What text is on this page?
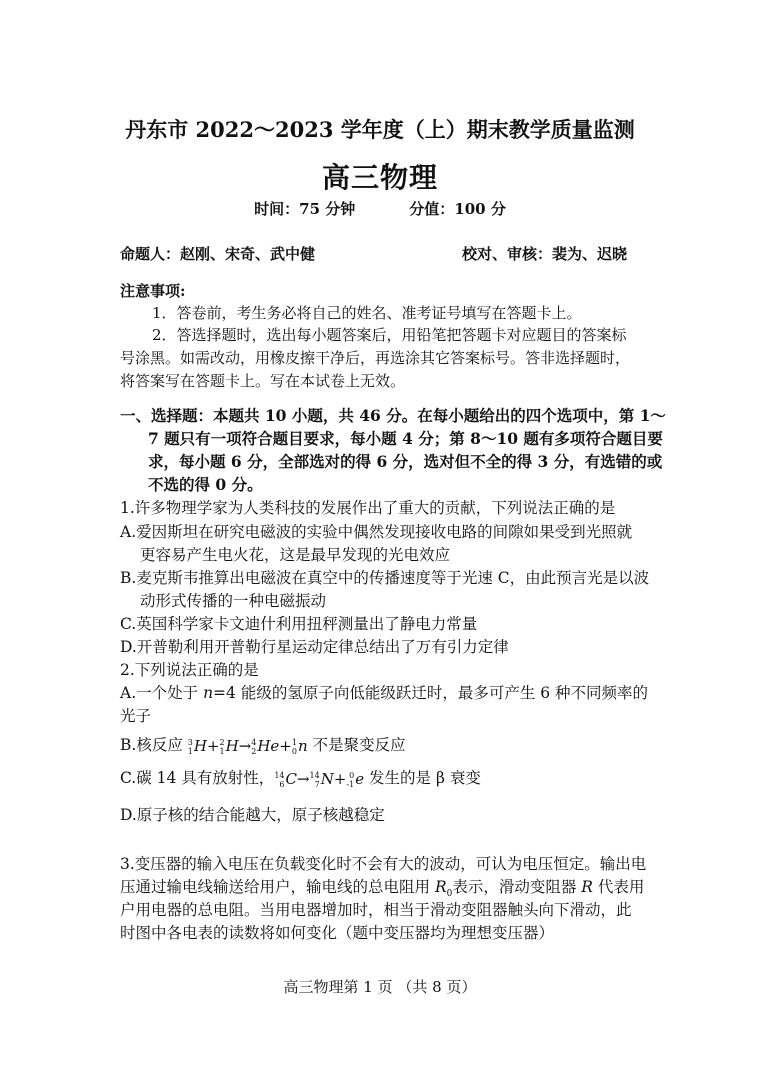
丹东市 2022～2023 学年度（上）期末教学质量监测
高三物理
时间：75 分钟	分值：100 分
命题人：赵刚、宋奇、武中健	校对、审核：裴为、迟晓
注意事项:
1．答卷前，考生务必将自己的姓名、准考证号填写在答题卡上。
2．答选择题时，选出每小题答案后，用铅笔把答题卡对应题目的答案标
号涂黑。如需改动，用橡皮擦干净后，再选涂其它答案标号。答非选择题时，
将答案写在答题卡上。写在本试卷上无效。
一、选择题：本题共 10 小题，共 46 分。在每小题给出的四个选项中，第 1～
7 题只有一项符合题目要求，每小题 4 分；第 8～10 题有多项符合题目要
求，每小题 6 分，全部选对的得 6 分，选对但不全的得 3 分，有选错的或
不选的得 0 分。
1.许多物理学家为人类科技的发展作出了重大的贡献，下列说法正确的是
A.爱因斯坦在研究电磁波的实验中偶然发现接收电路的间隙如果受到光照就
更容易产生电火花，这是最早发现的光电效应
B.麦克斯韦推算出电磁波在真空中的传播速度等于光速 C，由此预言光是以波
动形式传播的一种电磁振动
C.英国科学家卡文迪什利用扭秤测量出了静电力常量
D.开普勒利用开普勒行星运动定律总结出了万有引力定律
2.下列说法正确的是
A.一个处于 n=4 能级的氢原子向低能级跃迁时，最多可产生 6 种不同频率的
光子
B.核反应 3
1 H+ 2
1 H→ 4
2 He+ 1
0 n 不是聚变反应
C.碳 14 具有放射性， 14
6 C→ 14
7 N+ 0
-1 e 发生的是 β 衰变
D.原子核的结合能越大，原子核越稳定
3.变压器的输入电压在负载变化时不会有大的波动，可认为电压恒定。输出电
压通过输电线输送给用户，输电线的总电阻用 $R_0$表示，滑动变阻器 R 代表用
户用电器的总电阻。当用电器增加时，相当于滑动变阻器触头向下滑动，此
时图中各电表的读数将如何变化（题中变压器均为理想变压器）
高三物理第 1 页 （共 8 页）
